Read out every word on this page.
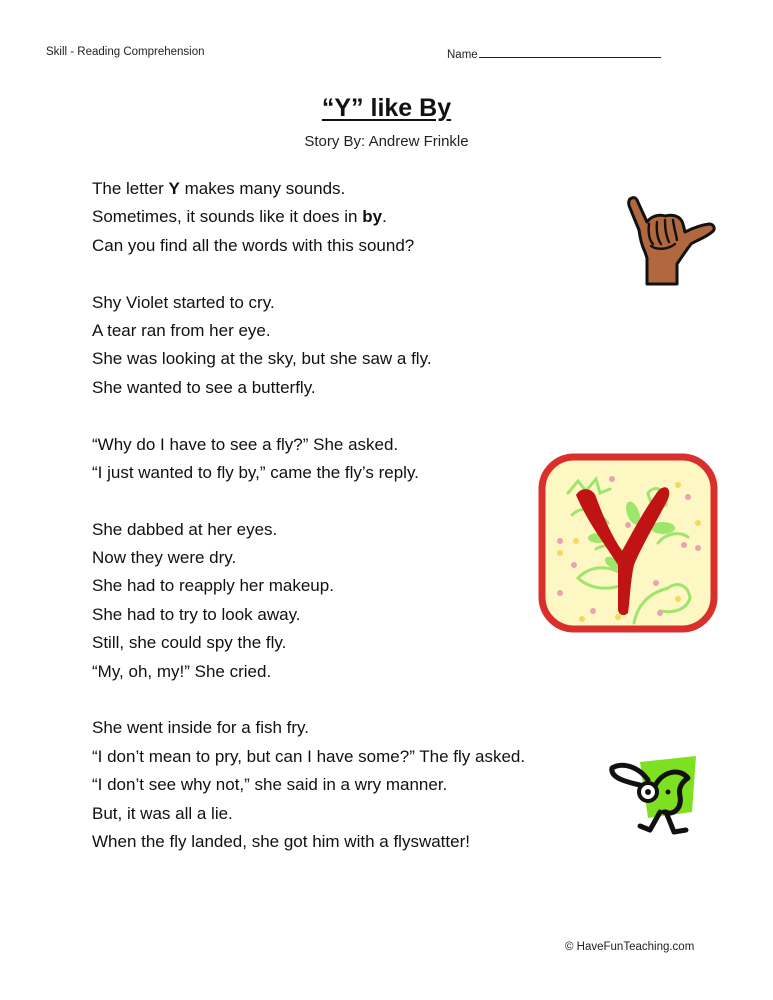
Skill - Reading Comprehension	Name
“Y” like By
Story By: Andrew Frinkle
The letter Y makes many sounds.
Sometimes, it sounds like it does in by.
Can you find all the words with this sound?
Shy Violet started to cry.
A tear ran from her eye.
She was looking at the sky, but she saw a fly.
She wanted to see a butterfly.
“Why do I have to see a fly?” She asked.
“I just wanted to fly by,” came the fly’s reply.
She dabbed at her eyes.
Now they were dry.
She had to reapply her makeup.
She had to try to look away.
Still, she could spy the fly.
“My, oh, my!” She cried.
She went inside for a fish fry.
“I don’t mean to pry, but can I have some?” The fly asked.
“I don’t see why not,” she said in a wry manner.
But, it was all a lie.
When the fly landed, she got him with a flyswatter!
© HaveFunTeaching.com
